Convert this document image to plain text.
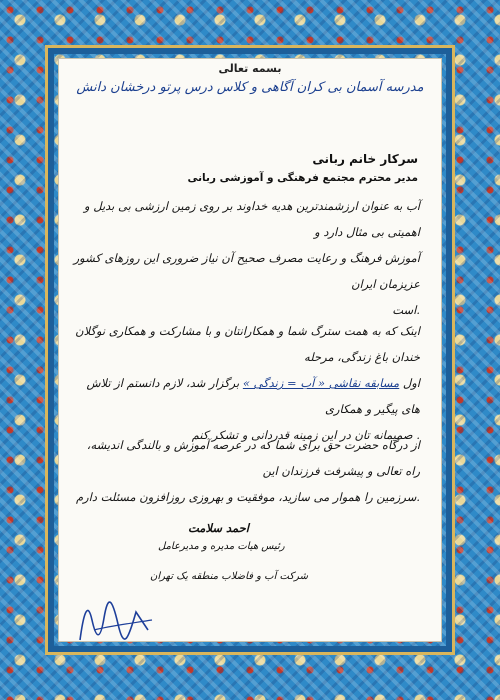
بسمه تعالی
مدرسه آسمان بی کران آگاهی و کلاس درس پرتو درخشان دانش
سرکار خانم ربانی
مدیر محترم مجتمع فرهنگی و آموزشی ربانی
آب به عنوان ارزشمندترین هدیه خداوند بر روی زمین ارزشی بی بدیل و اهمیتی بی مثال دارد و
آموزش فرهنگ و رعایت مصرف صحیح آن نیاز ضروری این روزهای کشور عزیزمان ایران
است.
اینک که به همت سترگ شما و همکارانتان و با مشارکت و همکاری نوگلان خندان باغ زندگی، مرحله
اول مسابقه نقاشی « آب = زندگی » برگزار شد، لازم دانستم از تلاش های پیگیر و همکاری
صمیمانه تان در این زمینه قدردانی و تشکر کنم .
از درگاه حضرت حق برای شما که در عرصه آموزش و بالندگی اندیشه، راه تعالی و پیشرفت فرزندان این
سرزمین را هموار می سازید، موفقیت و بهروزی روزافزون مسئلت دارم.
احمد سلامت
رئیس هیات مدیره و مدیرعامل
شرکت آب و فاضلاب منطقه یک تهران
